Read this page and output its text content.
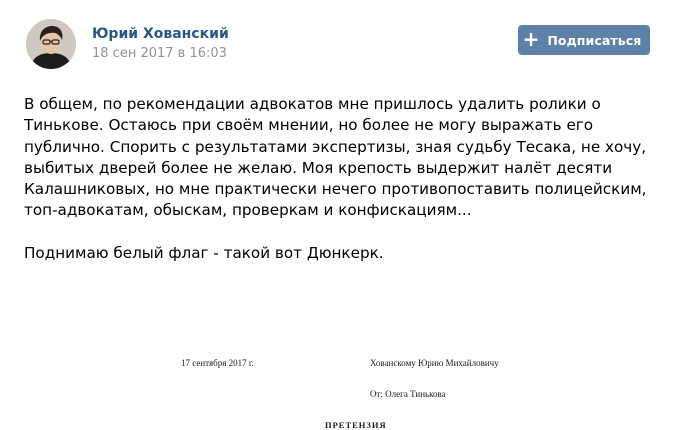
Юрий Хованский
18 сен 2017 в 16:03
+ Подписаться

В общем, по рекомендации адвокатов мне пришлось удалить ролики о Тинькове. Остаюсь при своём мнении, но более не могу выражать его публично. Спорить с результатами экспертизы, зная судьбу Тесака, не хочу, выбитых дверей более не желаю. Моя крепость выдержит налёт десяти Калашниковых, но мне практически нечего противопоставить полицейским, топ-адвокатам, обыскам, проверкам и конфискациям...

Поднимаю белый флаг - такой вот Дюнкерк.

17 сентября 2017 г.	Хованскому Юрию Михайловичу
От: Олега Тинькова
ПРЕТЕНЗИЯ
